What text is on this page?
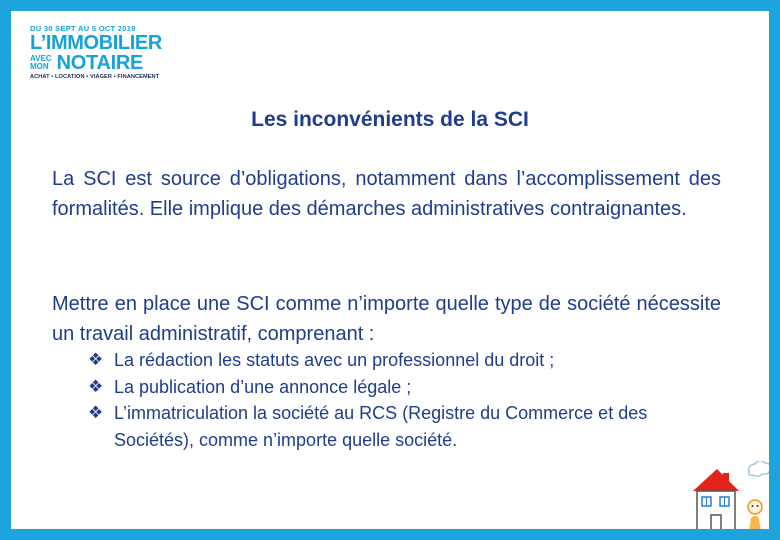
DU 30 SEPT AU 5 OCT 2019
L’IMMOBILIER
AVEC
MON NOTAIRE
ACHAT • LOCATION • VIAGER • FINANCEMENT
Les inconvénients de la SCI
La SCI est source d’obligations, notamment dans l’accomplissement des formalités. Elle implique des démarches administratives contraignantes.
Mettre en place une SCI comme n’importe quelle type de société nécessite un travail administratif, comprenant :
❖ La rédaction les statuts avec un professionnel du droit ;
❖ La publication d’une annonce légale ;
❖ L’immatriculation la société au RCS (Registre du Commerce et des Sociétés), comme n’importe quelle société.
